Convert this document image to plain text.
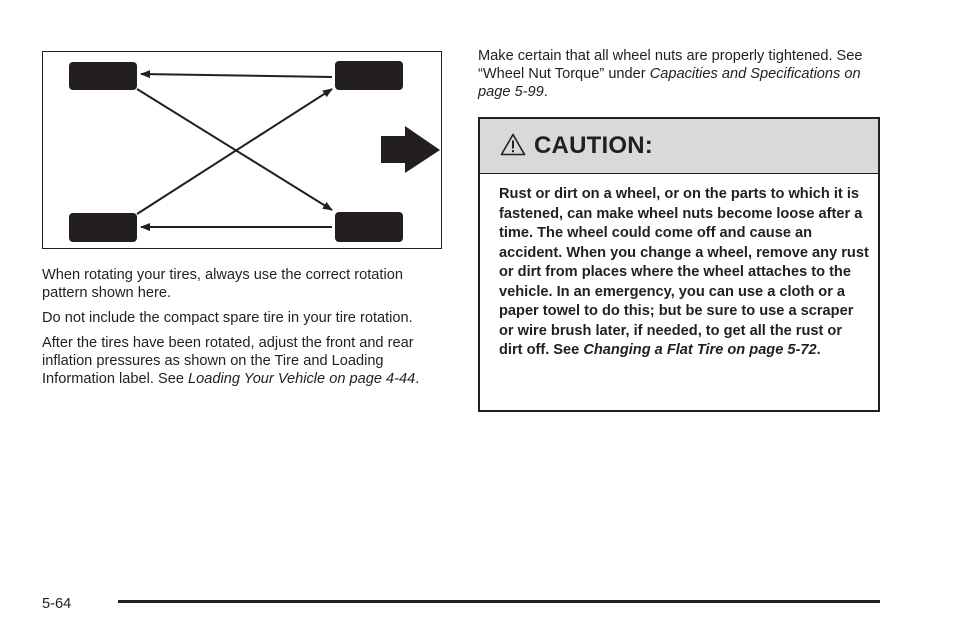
When rotating your tires, always use the correct rotation pattern shown here.

Do not include the compact spare tire in your tire rotation.

After the tires have been rotated, adjust the front and rear inflation pressures as shown on the Tire and Loading Information label. See Loading Your Vehicle on page 4-44.

Make certain that all wheel nuts are properly tightened. See “Wheel Nut Torque” under Capacities and Specifications on page 5-99.

CAUTION:
Rust or dirt on a wheel, or on the parts to which it is fastened, can make wheel nuts become loose after a time. The wheel could come off and cause an accident. When you change a wheel, remove any rust or dirt from places where the wheel attaches to the vehicle. In an emergency, you can use a cloth or a paper towel to do this; but be sure to use a scraper or wire brush later, if needed, to get all the rust or dirt off. See Changing a Flat Tire on page 5-72.
5-64
